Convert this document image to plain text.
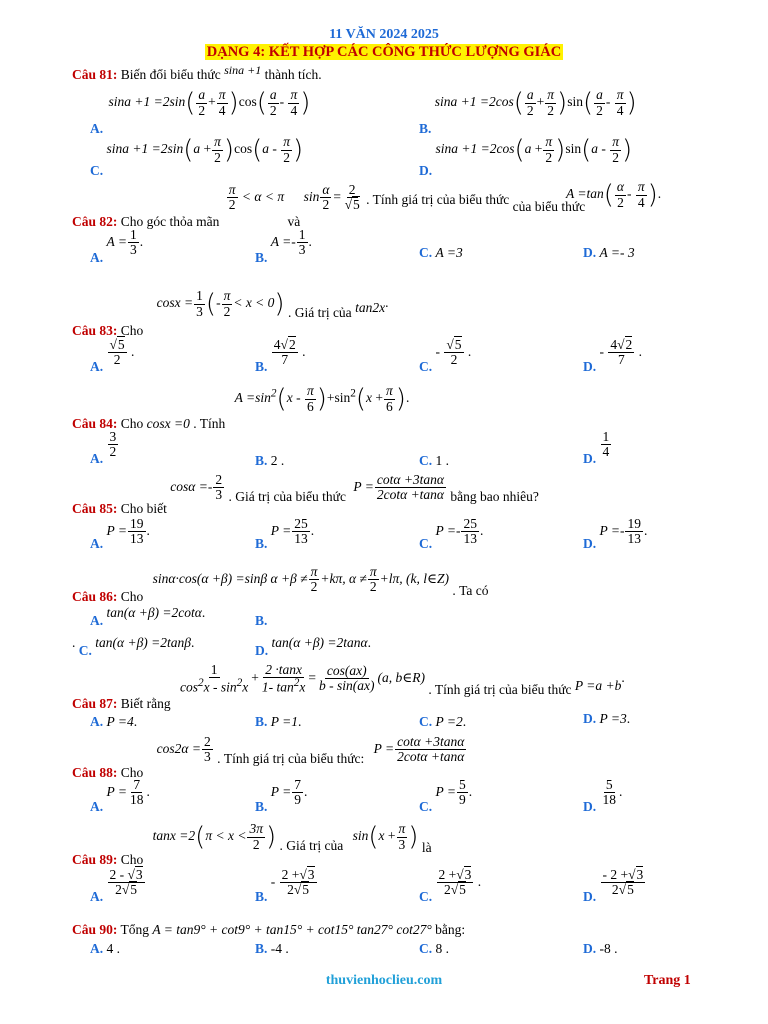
11 VĂN 2024 2025
DẠNG 4: KẾT HỢP CÁC CÔNG THỨC LƯỢNG GIÁC
Câu 81: Biến đổi biểu thức sina +1 thành tích.
A. $\sin a +1 =2\sin( \frac{a}{2} + \frac{\pi}{4} )\cos( \frac{a}{2} - \frac{\pi}{4}$ )
B. $\sin a +1 =2\cos( \frac{a}{2} + \frac{\pi}{2} )\sin( \frac{a}{2} - \frac{\pi}{4}$ )
C. $\sin a +1 =2\sin(a + \frac{\pi}{2} )\cos(a - \frac{\pi}{2}$ )
D. $\sin a +1 =2\cos(a + \frac{\pi}{2} )\sin(a - \frac{\pi}{2}$ )
Câu 82: Cho góc thỏa mãn
$\frac{\pi}{2} < \alpha < \pi$ và $\sin \frac{\alpha}{2} = \frac{2}{√5}$ . Tính giá trị của biểu thức của biểu thức
$A =\tan( \frac{\alpha}{2} - \frac{\pi}{4}$ ).
A. $A = \frac{1}{3}$ .
B. $A =- \frac{1}{3}$ .
C. A =3	D. A =- 3
Câu 83: Cho $\cos x = \frac{1}{3}$ (- $\frac{\pi}{2} < x < 0$) . Giá trị của tan2x.
A. $\frac{√5}{2}$ .
B. $\frac{4√2}{7}$ .
C. - $\frac{√5}{2}$ .
D. - $\frac{4√2}{7}$ .
Câu 84: Cho cosx =0 . Tính $A =\sin^2(x - \frac{\pi}{6} )+\sin^2(x + \frac{\pi}{6}$ ).
A. $\frac{3}{2}$
B. 2 .	C. 1 .	D. $\frac{1}{4}$
Câu 85: Cho biết $\cos\alpha =- \frac{2}{3}$ . Giá trị của biểu thức $P = \frac{\cot\alpha +3\tan\alpha}{2\cot\alpha +\tan\alpha}$ bằng bao nhiêu?
A. $P = \frac{19}{13}$ .
B. $P = \frac{25}{13}$ .
C. $P =- \frac{25}{13}$ .
D. $P =- \frac{19}{13}$ .
Câu 86: Cho sinα·cos(α +β) =sinβ $\alpha +\beta \ne \frac{\pi}{2} +k\pi$, $\alpha \ne \frac{\pi}{2} +l\pi$, (k, l∈Z) . Ta có
A. tan(α +β) =2cotα.
B.
. C. tan(α +β) =2tanβ.
D. tan(α +β) =2tanα.
Câu 87: Biết rằng
$\frac{1}{\cos^2x - \sin^2x} + \frac{2 \cdot\tan x}{1- \tan^2x} = \frac{\cos(ax)}{b - \sin(ax)} (a$, b∈R) . Tính giá trị của biểu thức P =a +b.
A. P =4.	B. P =1.	C. P =2.	D. P =3.
Câu 88: Cho $\cos 2\alpha = \frac{2}{3}$ . Tính giá trị của biểu thức: $P = \frac{\cot\alpha +3\tan\alpha}{2\cot\alpha +\tan\alpha}$
A. $P = \frac{7}{18}$ .
B. $P = \frac{7}{9}$ .
C. $P = \frac{5}{9}$ .
D. $\frac{5}{18}$ .
Câu 89: Cho $\tan x =2(\pi < x < \frac{3\pi}{2}$ ) . Giá trị của $\sin(x + \frac{\pi}{3}$ ) là
A. $\frac{2 - √3}{2√5}$	B. - $\frac{2 +√3}{2√5}$	C. $\frac{2 +√3}{2√5}$ .
D. $\frac{- 2 +√3}{2√5}$
Câu 90: Tổng A = tan9° + cot9° + tan15° + cot15° tan27° cot27° bằng:
A. 4 .	B. -4 .	C. 8 .	D. -8 .
thuvienhoclieu.com	Trang 1
